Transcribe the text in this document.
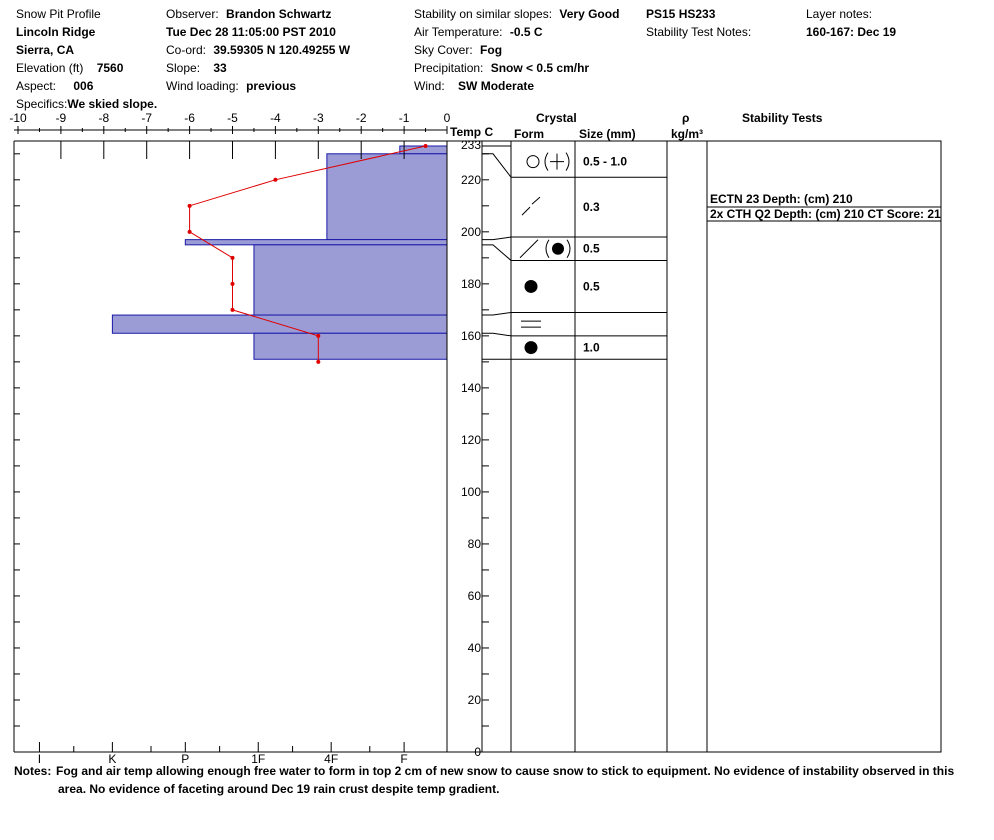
Snow Pit Profile
Lincoln Ridge
Sierra, CA
Elevation (ft) 7560
Aspect: 006
Specifics:We skied slope.
Observer: Brandon Schwartz
Tue Dec 28 11:05:00 PST 2010
Co-ord: 39.59305 N 120.49255 W
Slope: 33
Wind loading: previous
Stability on similar slopes: Very Good
Air Temperature: -0.5 C
Sky Cover: Fog
Precipitation: Snow < 0.5 cm/hr
Wind: SW Moderate
PS15 HS233
Stability Test Notes:
Layer notes:
160-167: Dec 19
Crystal
Form	Size (mm)
ρ
kg/m³
Stability Tests
-10 -9	-8	-7	-6	-5	-4	-3	-2	-1	0
I	K	P	1F	4F	F	0
20
40
60
80
100
120
140
160
180
200
220
233
0.5 - 1.0
0.3
0.5
0.5
1.0
Temp C
ECTN 23 Depth: (cm) 210
2x CTH Q2 Depth: (cm) 210 CT Score: 21
Notes: Fog and air temp allowing enough free water to form in top 2 cm of new snow to cause snow to stick to equipment. No evidence of instability observed in this
area. No evidence of faceting around Dec 19 rain crust despite temp gradient.
